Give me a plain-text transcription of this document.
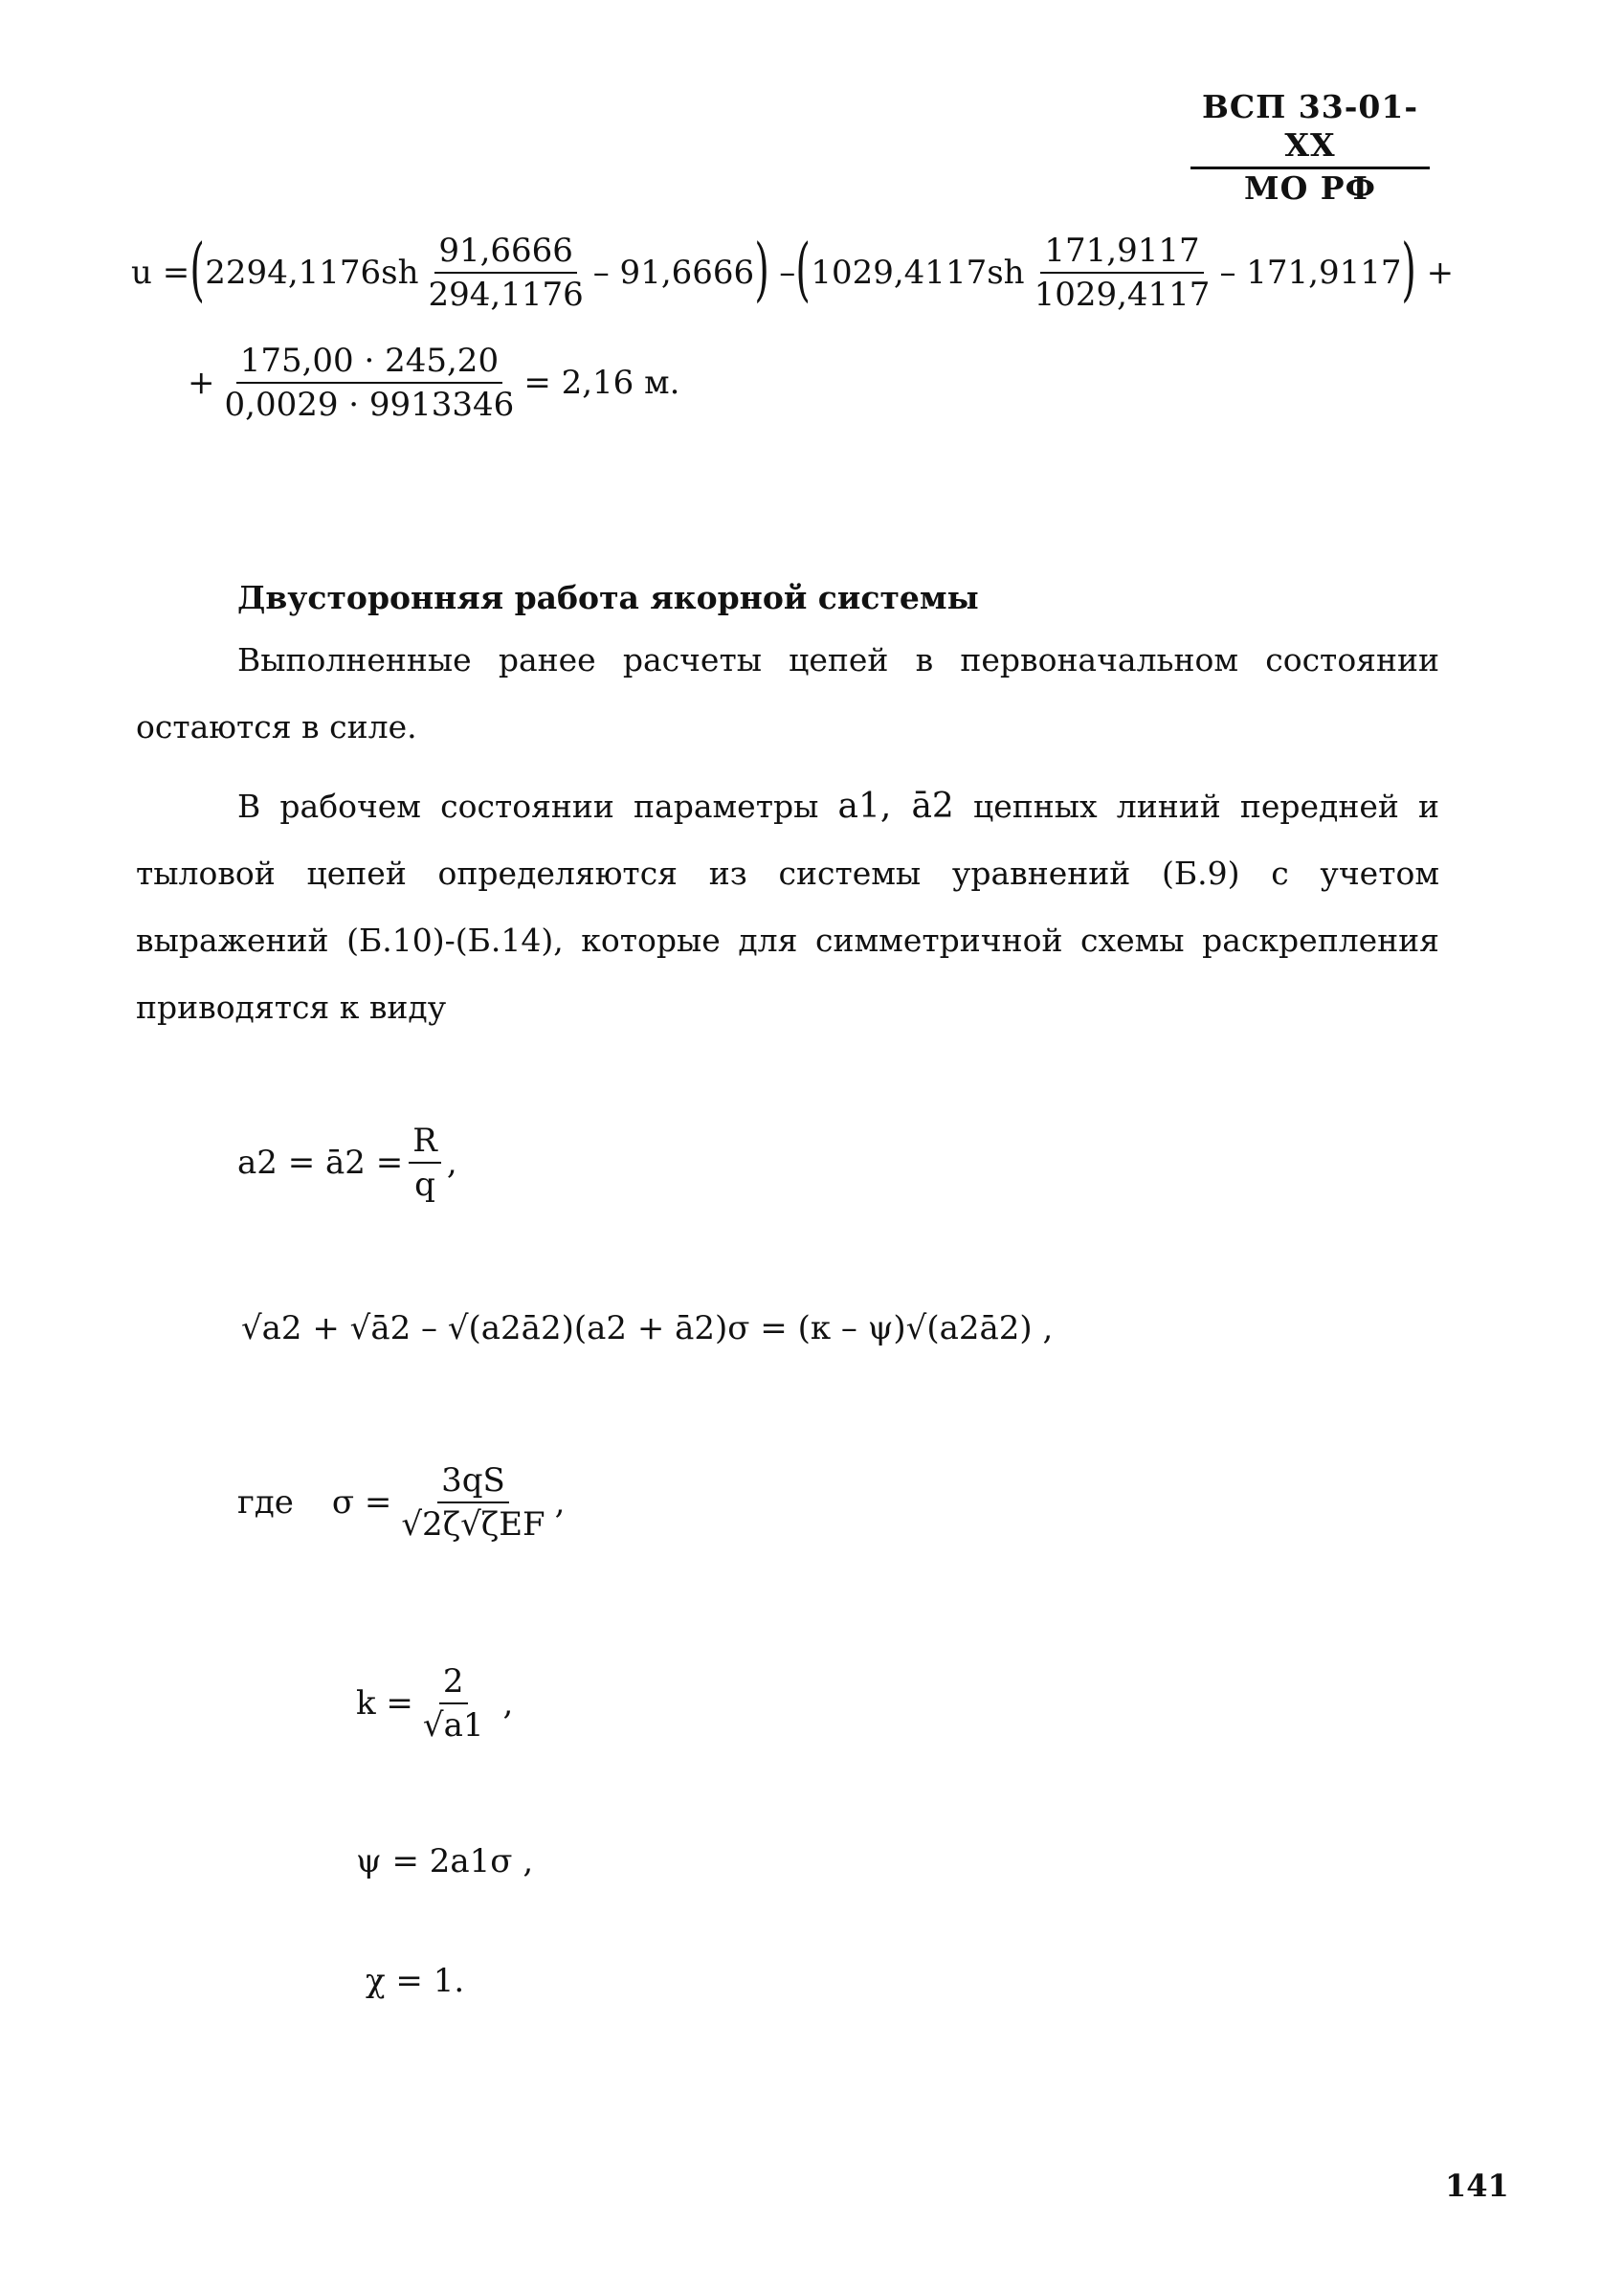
ВСП 33-01-ХХ
МО РФ
u = ( $2294,1176sh \frac{91,6666}{294,1176} - 91,6666$ ) – ( $1029,4117sh \frac{171,9117}{1029,4117} - 171,9117$ ) +
+ $\frac{175,00 \cdot 245,20}{0,0029 \cdot 9913346} = 2,16$ м.
Двусторонняя работа якорной системы
Выполненные ранее расчеты цепей в первоначальном состоянии остаются в силе.
В рабочем состоянии параметры a1, ā2 цепных линий передней и тыловой цепей определяются из системы уравнений (Б.9) с учетом выражений (Б.10)-(Б.14), которые для симметричной схемы раскрепления приводятся к виду
a2 = ā2 = $\frac{R}{q}$ ,
√a2 + √ā2 – √(a2ā2)(a2 + ā2)σ = (κ – ψ)√(a2ā2) ,
где $\sigma = \frac{3qS}{\text{√2ζ√ζEF}}$ ,
$k = \frac{2}{√a1}$ ,
ψ = 2a1σ ,
χ = 1.
141
